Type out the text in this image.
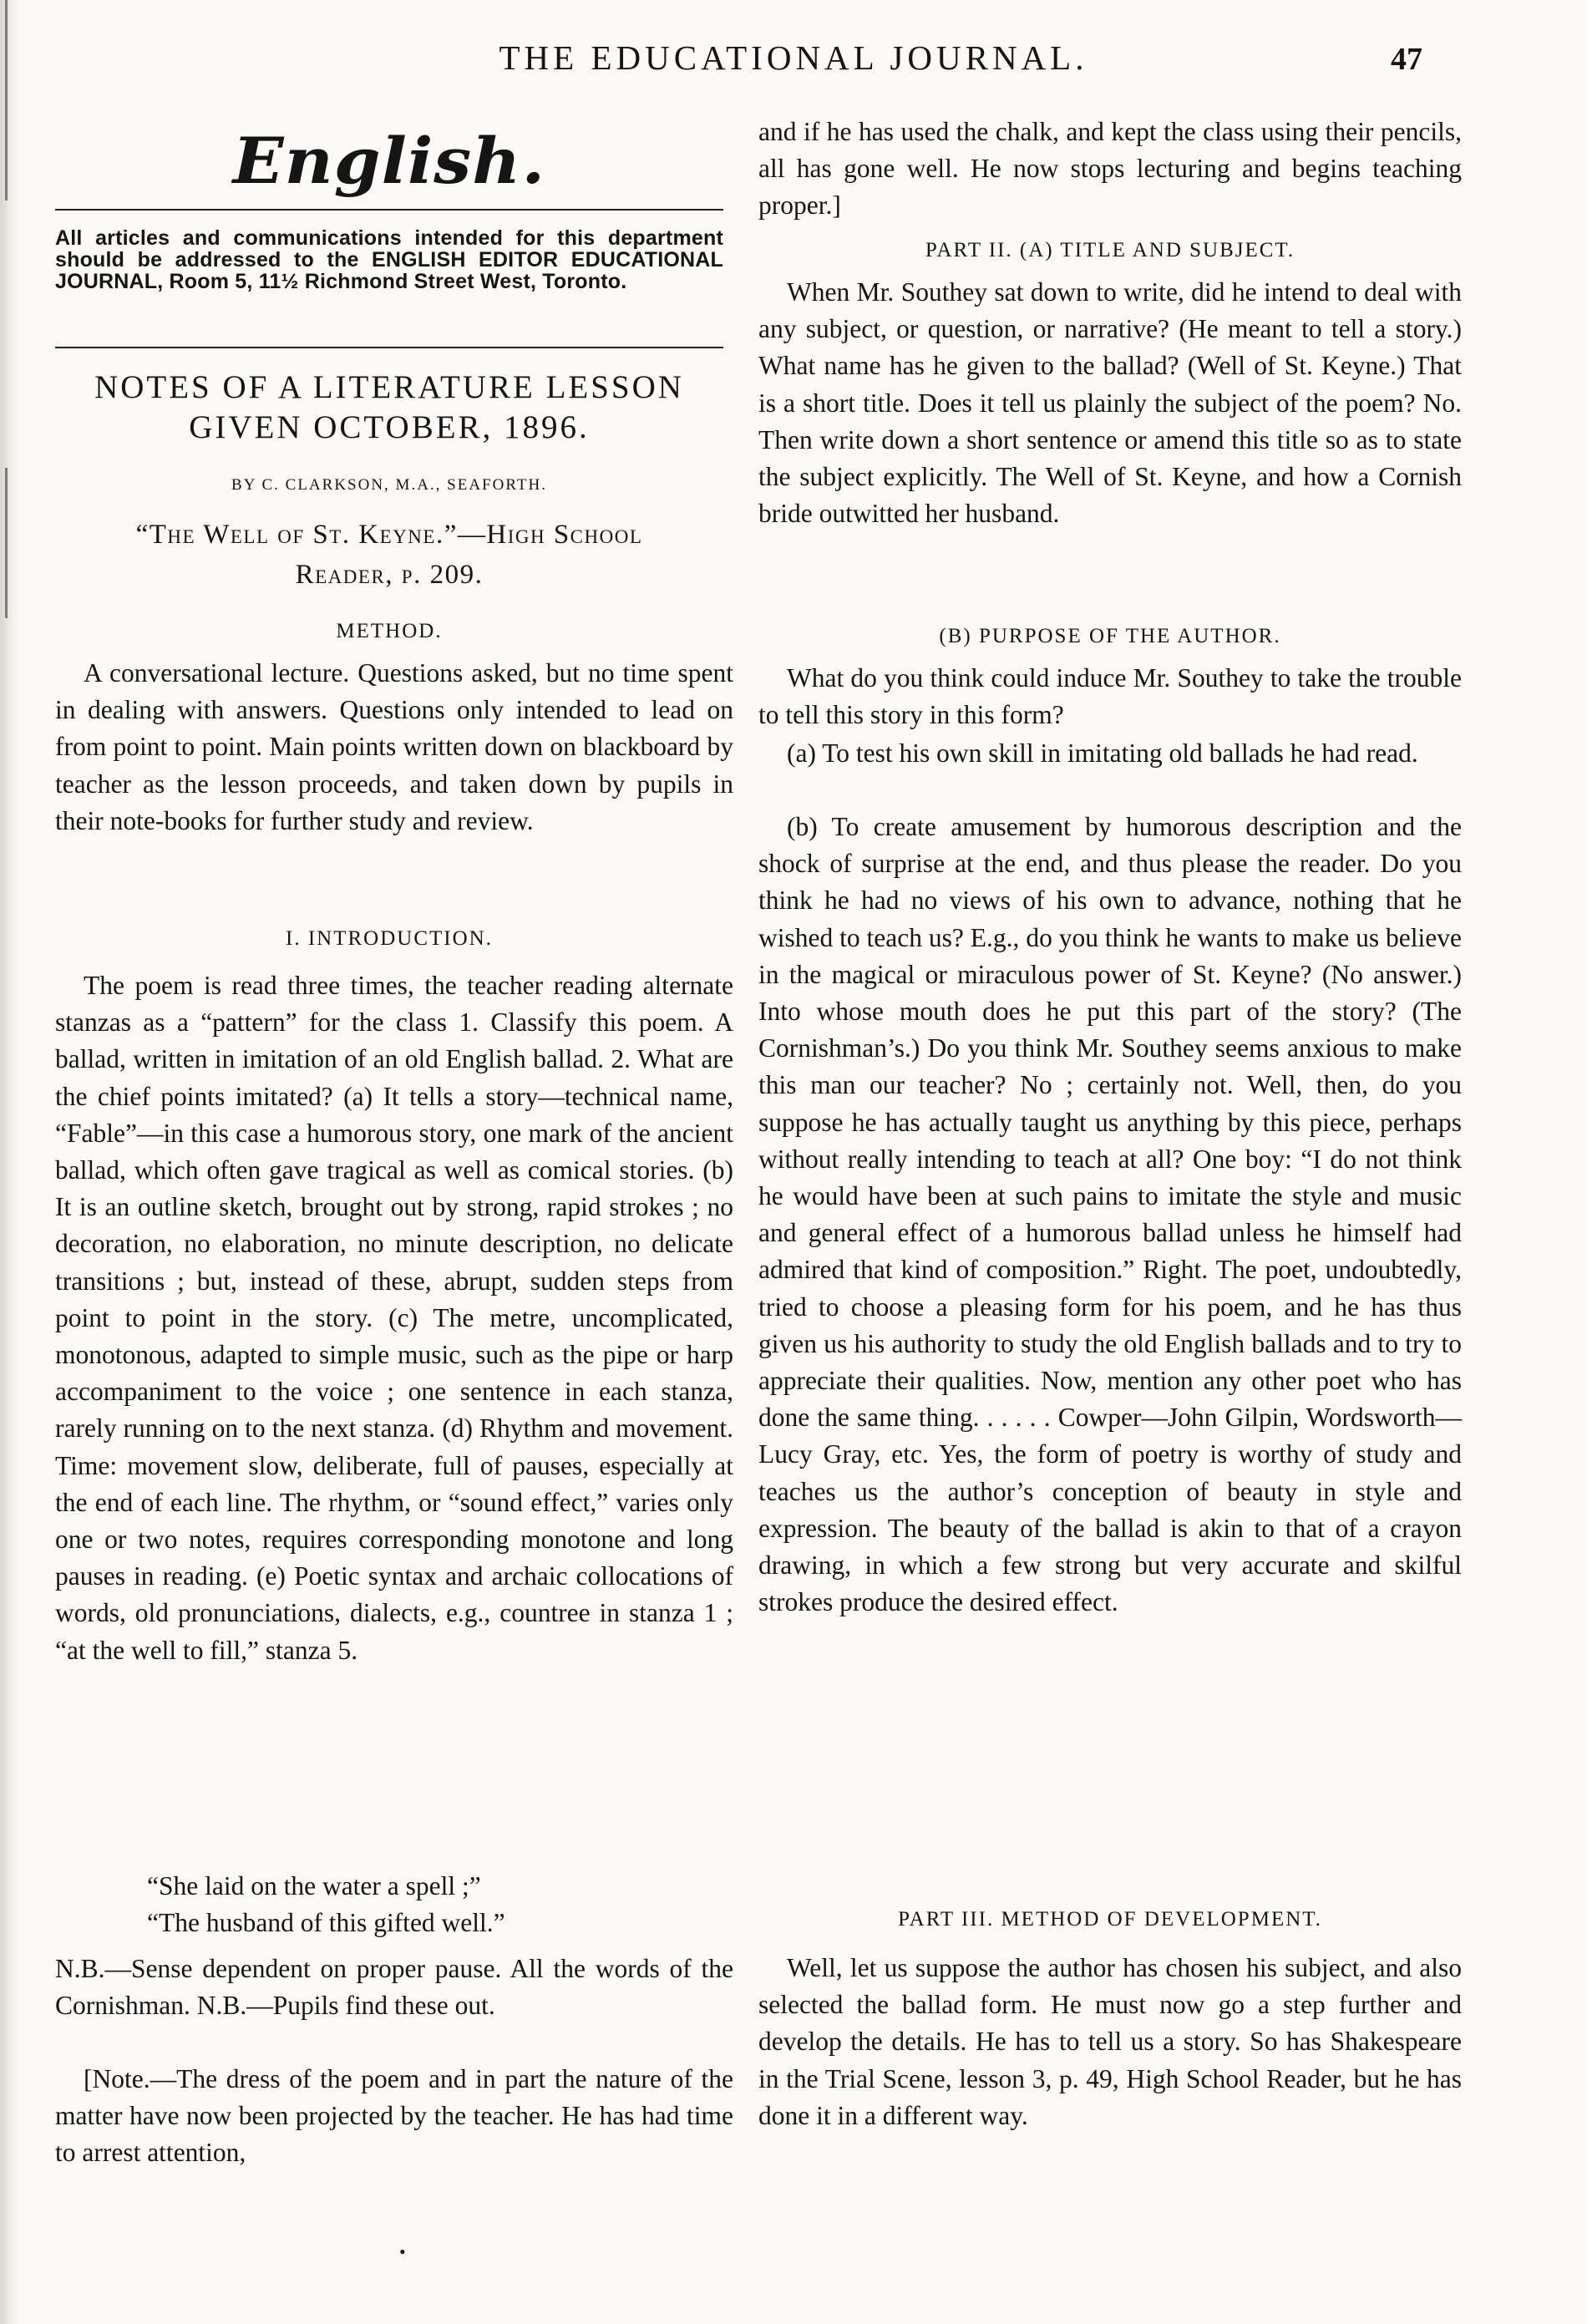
THE EDUCATIONAL JOURNAL.	47
English.

All articles and communications intended for this department should be addressed to the ENGLISH EDITOR EDUCATIONAL JOURNAL, Room 5, 11½ Richmond Street West, Toronto.

NOTES OF A LITERATURE LESSON
GIVEN OCTOBER, 1896.
BY C. CLARKSON, M.A., SEAFORTH.
“The Well of St. Keyne.”—High School
Reader, p. 209.
METHOD.

A conversational lecture. Questions asked, but no time spent in dealing with answers. Questions only intended to lead on from point to point. Main points written down on blackboard by teacher as the lesson proceeds, and taken down by pupils in their note-books for further study and review.

I. INTRODUCTION.

The poem is read three times, the teacher reading alternate stanzas as a “pattern” for the class 1. Classify this poem. A ballad, written in imitation of an old English ballad. 2. What are the chief points imitated? (a) It tells a story—technical name, “Fable”—in this case a humorous story, one mark of the ancient ballad, which often gave tragical as well as comical stories. (b) It is an outline sketch, brought out by strong, rapid strokes ; no decoration, no elaboration, no minute description, no delicate transitions ; but, instead of these, abrupt, sudden steps from point to point in the story. (c) The metre, uncomplicated, monotonous, adapted to simple music, such as the pipe or harp accompaniment to the voice ; one sentence in each stanza, rarely running on to the next stanza. (d) Rhythm and movement. Time: movement slow, deliberate, full of pauses, especially at the end of each line. The rhythm, or “sound effect,” varies only one or two notes, requires corresponding monotone and long pauses in reading. (e) Poetic syntax and archaic collocations of words, old pronunciations, dialects, e.g., countree in stanza 1 ; “at the well to fill,” stanza 5.

“She laid on the water a spell ;”
“The husband of this gifted well.”

N.B.—Sense dependent on proper pause. All the words of the Cornishman. N.B.—Pupils find these out.

[Note.—The dress of the poem and in part the nature of the matter have now been projected by the teacher. He has had time to arrest attention,

and if he has used the chalk, and kept the class using their pencils, all has gone well. He now stops lecturing and begins teaching proper.]

PART II. (A) TITLE AND SUBJECT.

When Mr. Southey sat down to write, did he intend to deal with any subject, or question, or narrative? (He meant to tell a story.) What name has he given to the ballad? (Well of St. Keyne.) That is a short title. Does it tell us plainly the subject of the poem? No. Then write down a short sentence or amend this title so as to state the subject explicitly. The Well of St. Keyne, and how a Cornish bride outwitted her husband.

(B) PURPOSE OF THE AUTHOR.

What do you think could induce Mr. Southey to take the trouble to tell this story in this form?

(a) To test his own skill in imitating old ballads he had read.

(b) To create amusement by humorous description and the shock of surprise at the end, and thus please the reader. Do you think he had no views of his own to advance, nothing that he wished to teach us? E.g., do you think he wants to make us believe in the magical or miraculous power of St. Keyne? (No answer.) Into whose mouth does he put this part of the story? (The Cornishman’s.) Do you think Mr. Southey seems anxious to make this man our teacher? No ; certainly not. Well, then, do you suppose he has actually taught us anything by this piece, perhaps without really intending to teach at all? One boy: “I do not think he would have been at such pains to imitate the style and music and general effect of a humorous ballad unless he himself had admired that kind of composition.” Right. The poet, undoubtedly, tried to choose a pleasing form for his poem, and he has thus given us his authority to study the old English ballads and to try to appreciate their qualities. Now, mention any other poet who has done the same thing. . . . . . Cowper—John Gilpin, Wordsworth—Lucy Gray, etc. Yes, the form of poetry is worthy of study and teaches us the author’s conception of beauty in style and expression. The beauty of the ballad is akin to that of a crayon drawing, in which a few strong but very accurate and skilful strokes produce the desired effect.

PART III. METHOD OF DEVELOPMENT.

Well, let us suppose the author has chosen his subject, and also selected the ballad form. He must now go a step further and develop the details. He has to tell us a story. So has Shakespeare in the Trial Scene, lesson 3, p. 49, High School Reader, but he has done it in a different way.

•
